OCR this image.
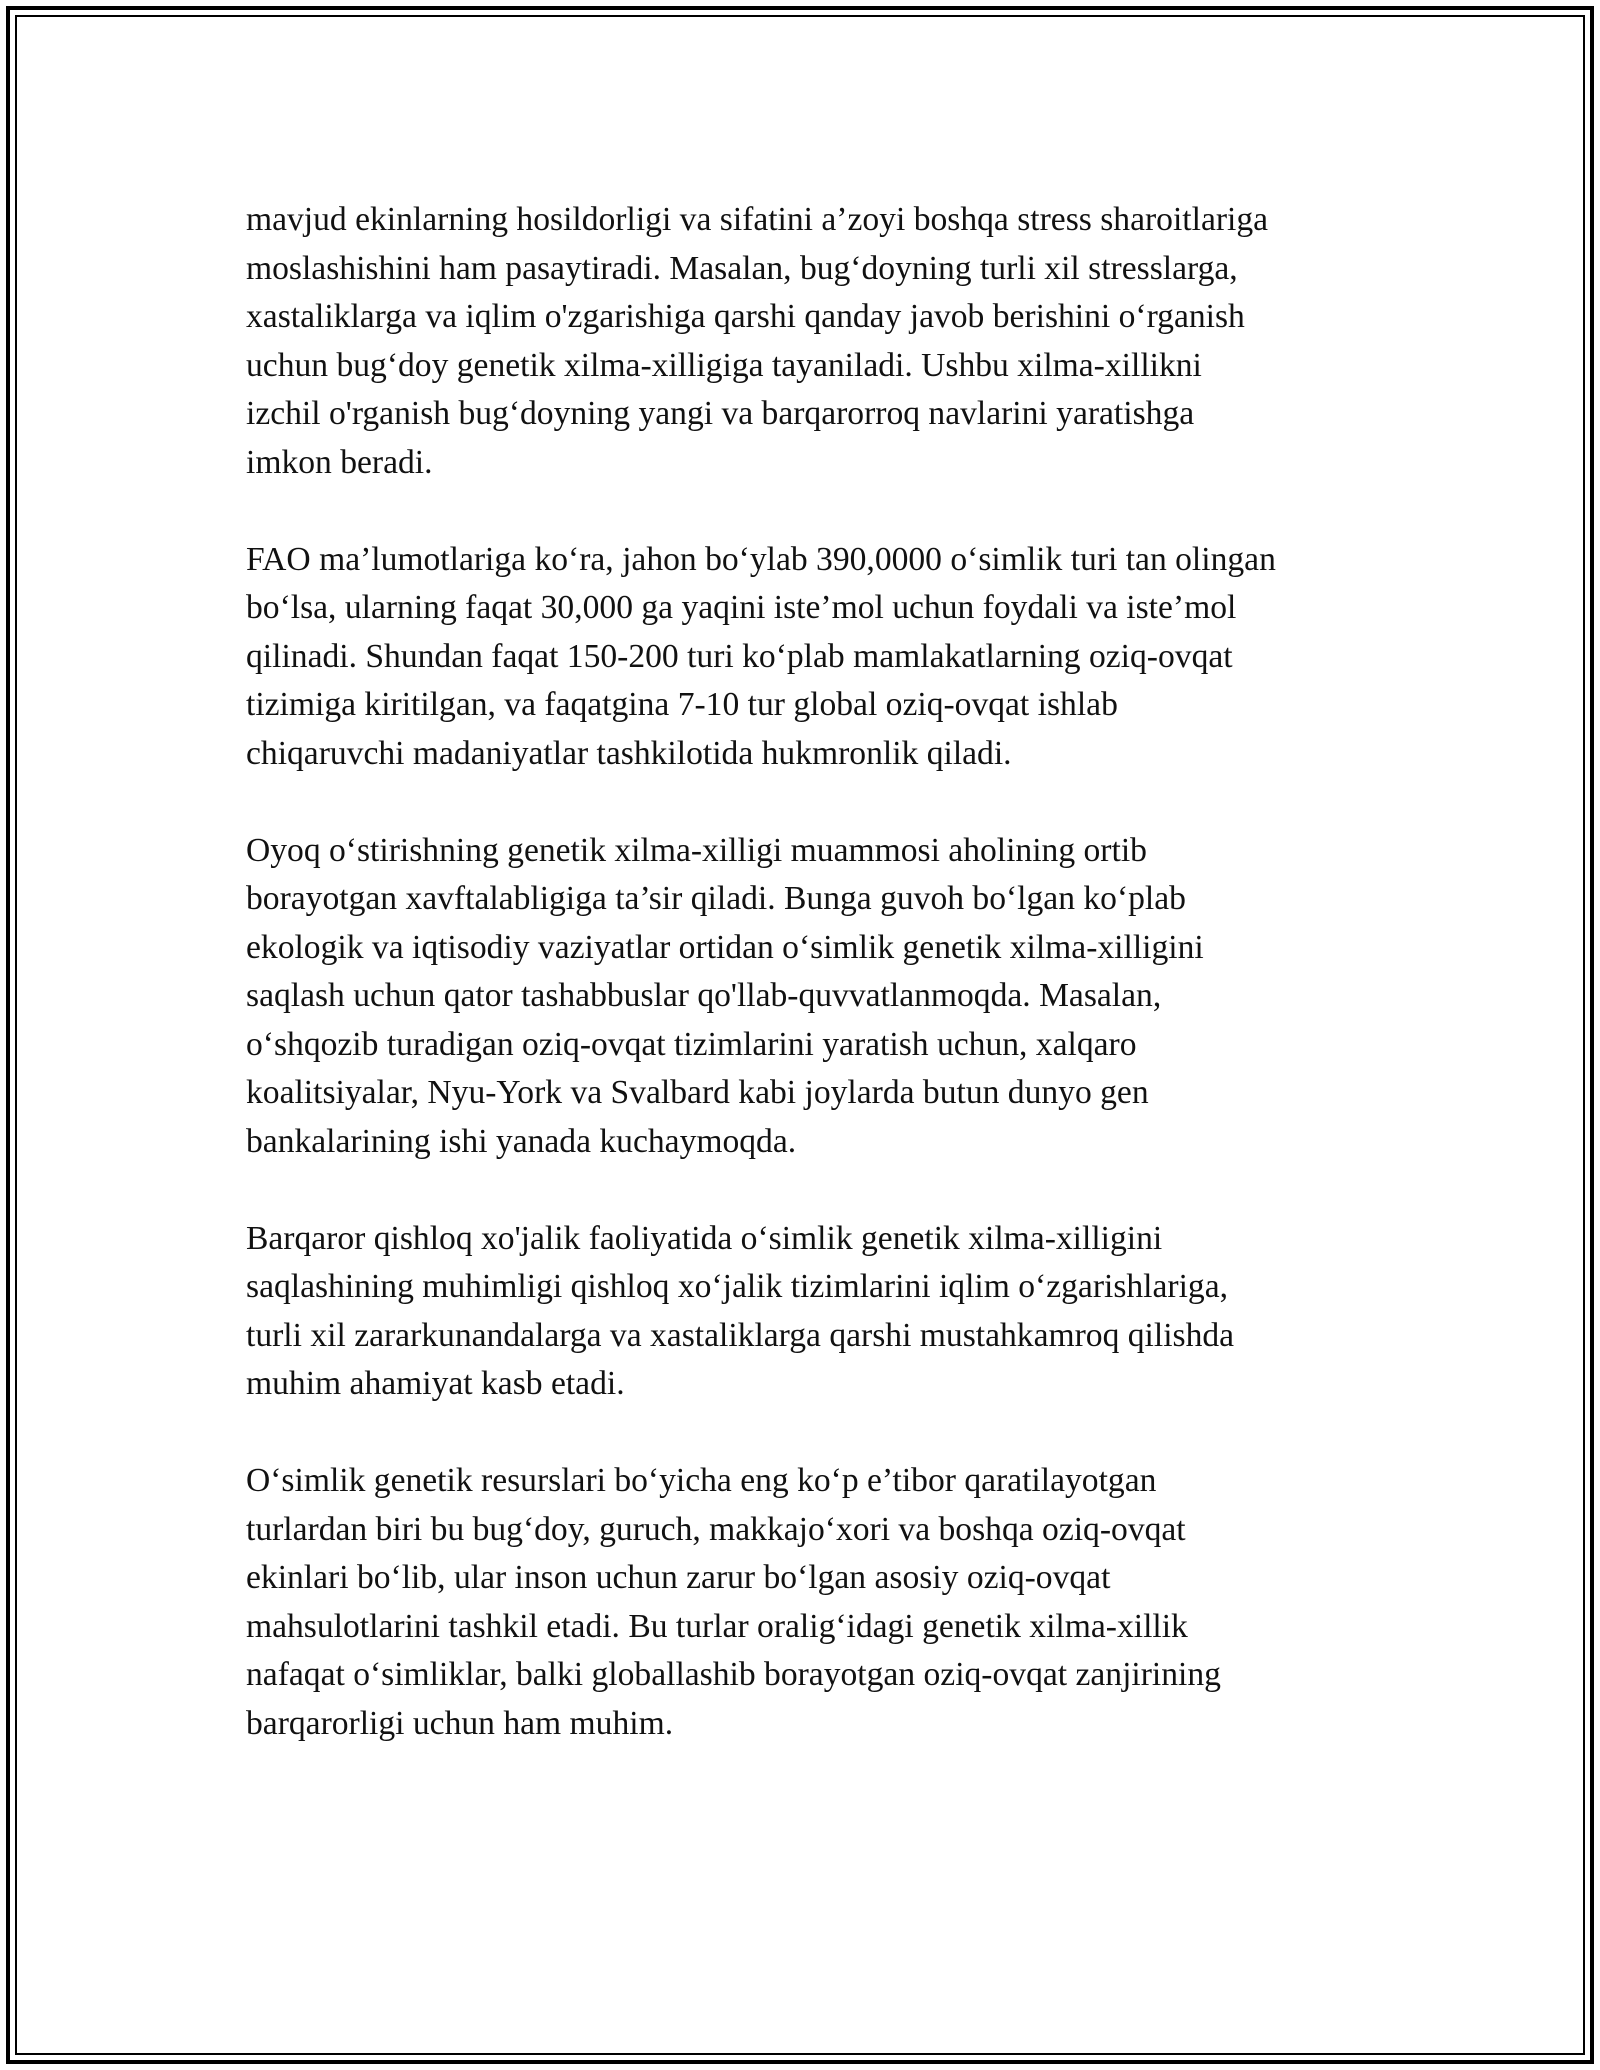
mavjud ekinlarning hosildorligi va sifatini a’zoyi boshqa stress sharoitlariga
moslashishini ham pasaytiradi. Masalan, bug‘doyning turli xil stresslarga,
xastaliklarga va iqlim o'zgarishiga qarshi qanday javob berishini o‘rganish
uchun bug‘doy genetik xilma-xilligiga tayaniladi. Ushbu xilma-xillikni
izchil o'rganish bug‘doyning yangi va barqarorroq navlarini yaratishga
imkon beradi.

FAO ma’lumotlariga ko‘ra, jahon bo‘ylab 390,0000 o‘simlik turi tan olingan
bo‘lsa, ularning faqat 30,000 ga yaqini iste’mol uchun foydali va iste’mol
qilinadi. Shundan faqat 150-200 turi ko‘plab mamlakatlarning oziq-ovqat
tizimiga kiritilgan, va faqatgina 7-10 tur global oziq-ovqat ishlab
chiqaruvchi madaniyatlar tashkilotida hukmronlik qiladi.

Oyoq o‘stirishning genetik xilma-xilligi muammosi aholining ortib
borayotgan xavftalabligiga ta’sir qiladi. Bunga guvoh bo‘lgan ko‘plab
ekologik va iqtisodiy vaziyatlar ortidan o‘simlik genetik xilma-xilligini
saqlash uchun qator tashabbuslar qo'llab-quvvatlanmoqda. Masalan,
o‘shqozib turadigan oziq-ovqat tizimlarini yaratish uchun, xalqaro
koalitsiyalar, Nyu-York va Svalbard kabi joylarda butun dunyo gen
bankalarining ishi yanada kuchaymoqda.

Barqaror qishloq xo'jalik faoliyatida o‘simlik genetik xilma-xilligini
saqlashining muhimligi qishloq xo‘jalik tizimlarini iqlim o‘zgarishlariga,
turli xil zararkunandalarga va xastaliklarga qarshi mustahkamroq qilishda
muhim ahamiyat kasb etadi.

O‘simlik genetik resurslari bo‘yicha eng ko‘p e’tibor qaratilayotgan
turlardan biri bu bug‘doy, guruch, makkajo‘xori va boshqa oziq-ovqat
ekinlari bo‘lib, ular inson uchun zarur bo‘lgan asosiy oziq-ovqat
mahsulotlarini tashkil etadi. Bu turlar oralig‘idagi genetik xilma-xillik
nafaqat o‘simliklar, balki globallashib borayotgan oziq-ovqat zanjirining
barqarorligi uchun ham muhim.
